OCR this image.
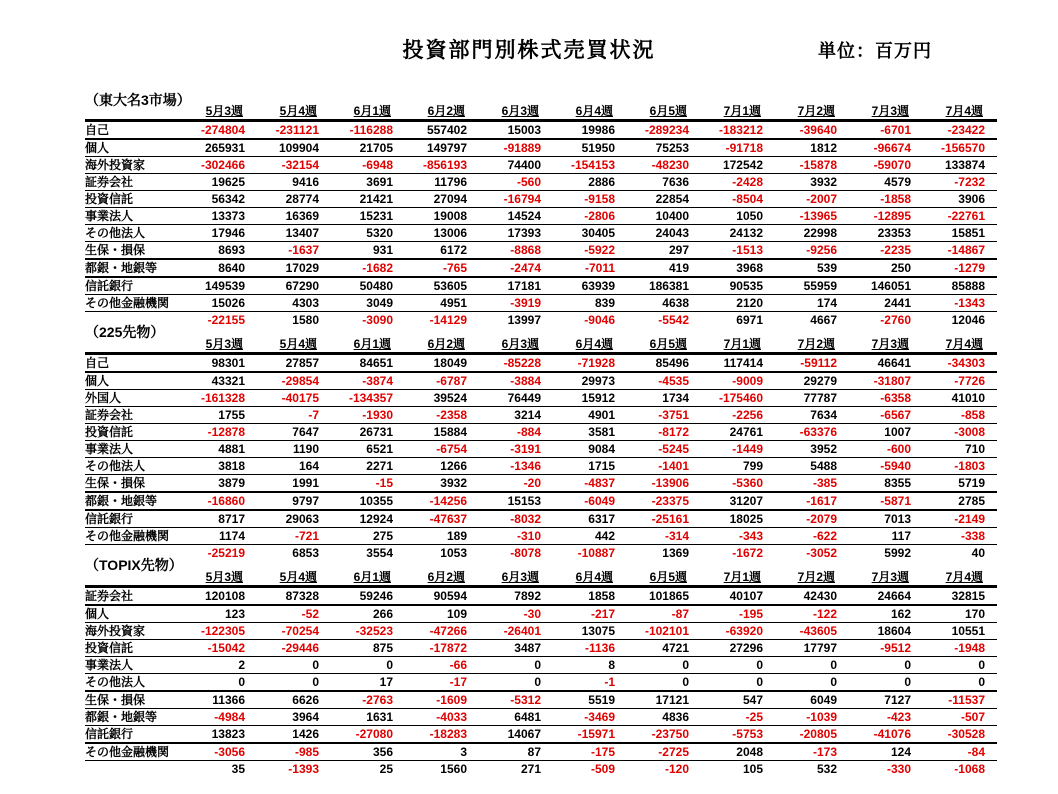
投資部門別株式売買状況	単位：百万円
（東大名3市場）
	5月3週	5月4週	6月1週	6月2週	6月3週	6月4週	6月5週	7月1週	7月2週	7月3週	7月4週
自己	-274804	-231121	-116288	557402	15003	19986	-289234	-183212	-39640	-6701	-23422
個人	265931	109904	21705	149797	-91889	51950	75253	-91718	1812	-96674	-156570
海外投資家	-302466	-32154	-6948	-856193	74400	-154153	-48230	172542	-15878	-59070	133874
証券会社	19625	9416	3691	11796	-560	2886	7636	-2428	3932	4579	-7232
投資信託	56342	28774	21421	27094	-16794	-9158	22854	-8504	-2007	-1858	3906
事業法人	13373	16369	15231	19008	14524	-2806	10400	1050	-13965	-12895	-22761
その他法人	17946	13407	5320	13006	17393	30405	24043	24132	22998	23353	15851
生保・損保	8693	-1637	931	6172	-8868	-5922	297	-1513	-9256	-2235	-14867
都銀・地銀等	8640	17029	-1682	-765	-2474	-7011	419	3968	539	250	-1279
信託銀行	149539	67290	50480	53605	17181	63939	186381	90535	55959	146051	85888
その他金融機関	15026	4303	3049	4951	-3919	839	4638	2120	174	2441	-1343
	-22155	1580	-3090	-14129	13997	-9046	-5542	6971	4667	-2760	12046
（225先物）
	5月3週	5月4週	6月1週	6月2週	6月3週	6月4週	6月5週	7月1週	7月2週	7月3週	7月4週
自己	98301	27857	84651	18049	-85228	-71928	85496	117414	-59112	46641	-34303
個人	43321	-29854	-3874	-6787	-3884	29973	-4535	-9009	29279	-31807	-7726
外国人	-161328	-40175	-134357	39524	76449	15912	1734	-175460	77787	-6358	41010
証券会社	1755	-7	-1930	-2358	3214	4901	-3751	-2256	7634	-6567	-858
投資信託	-12878	7647	26731	15884	-884	3581	-8172	24761	-63376	1007	-3008
事業法人	4881	1190	6521	-6754	-3191	9084	-5245	-1449	3952	-600	710
その他法人	3818	164	2271	1266	-1346	1715	-1401	799	5488	-5940	-1803
生保・損保	3879	1991	-15	3932	-20	-4837	-13906	-5360	-385	8355	5719
都銀・地銀等	-16860	9797	10355	-14256	15153	-6049	-23375	31207	-1617	-5871	2785
信託銀行	8717	29063	12924	-47637	-8032	6317	-25161	18025	-2079	7013	-2149
その他金融機関	1174	-721	275	189	-310	442	-314	-343	-622	117	-338
	-25219	6853	3554	1053	-8078	-10887	1369	-1672	-3052	5992	40
（TOPIX先物）
	5月3週	5月4週	6月1週	6月2週	6月3週	6月4週	6月5週	7月1週	7月2週	7月3週	7月4週
証券会社	120108	87328	59246	90594	7892	1858	101865	40107	42430	24664	32815
個人	123	-52	266	109	-30	-217	-87	-195	-122	162	170
海外投資家	-122305	-70254	-32523	-47266	-26401	13075	-102101	-63920	-43605	18604	10551
投資信託	-15042	-29446	875	-17872	3487	-1136	4721	27296	17797	-9512	-1948
事業法人	2	0	0	-66	0	8	0	0	0	0	0
その他法人	0	0	17	-17	0	-1	0	0	0	0	0
生保・損保	11366	6626	-2763	-1609	-5312	5519	17121	547	6049	7127	-11537
都銀・地銀等	-4984	3964	1631	-4033	6481	-3469	4836	-25	-1039	-423	-507
信託銀行	13823	1426	-27080	-18283	14067	-15971	-23750	-5753	-20805	-41076	-30528
その他金融機関	-3056	-985	356	3	87	-175	-2725	2048	-173	124	-84
	35	-1393	25	1560	271	-509	-120	105	532	-330	-1068
